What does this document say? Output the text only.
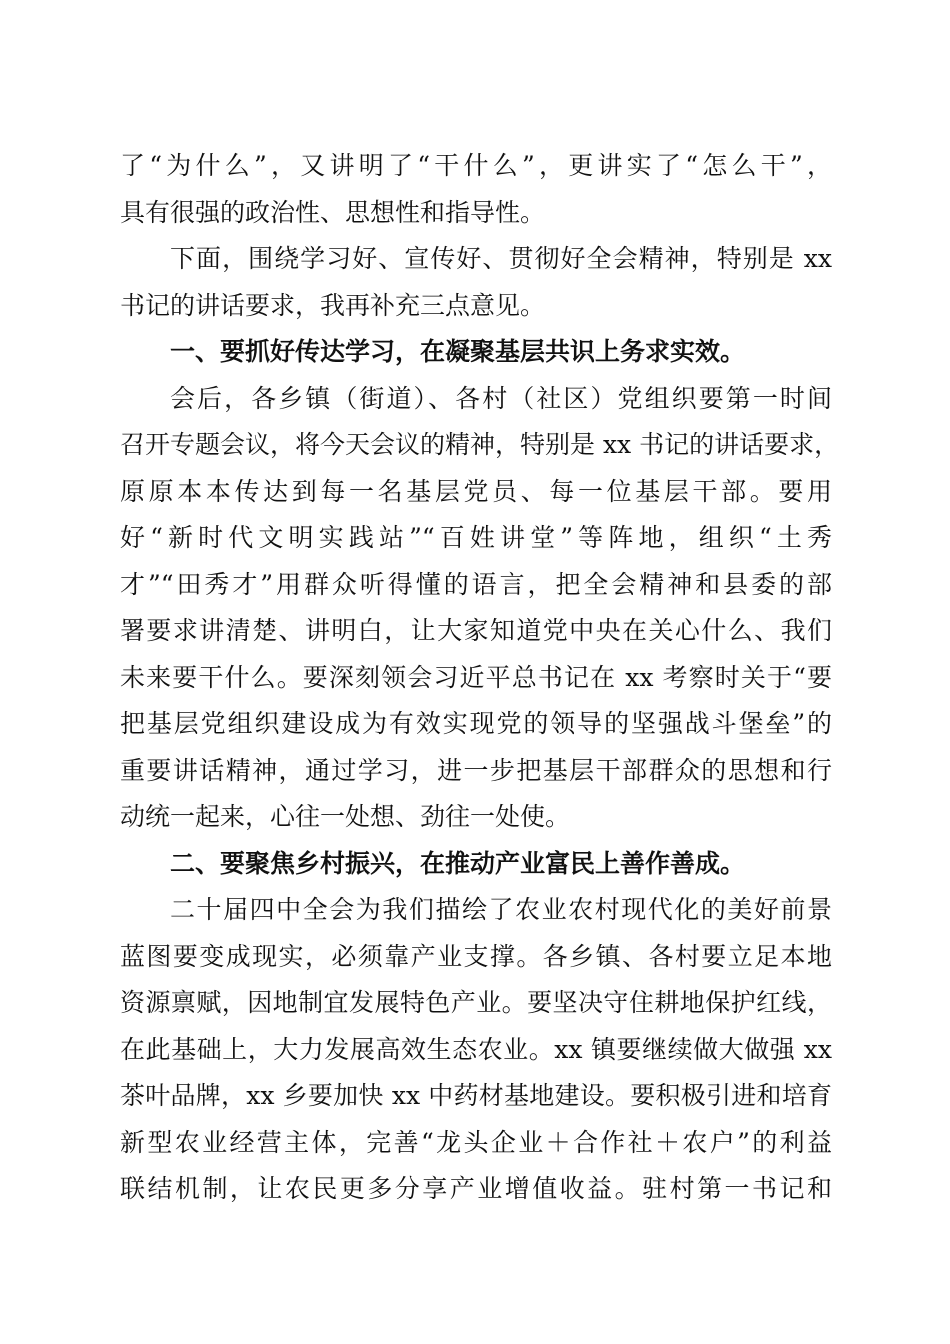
了“为什么”，又讲明了“干什么”，更讲实了“怎么干”，
具有很强的政治性、思想性和指导性。
下面，围绕学习好、宣传好、贯彻好全会精神，特别是 xx
书记的讲话要求，我再补充三点意见。
一、要抓好传达学习，在凝聚基层共识上务求实效。
会后，各乡镇（街道）、各村（社区）党组织要第一时间
召开专题会议，将今天会议的精神，特别是 xx 书记的讲话要求，
原原本本传达到每一名基层党员、每一位基层干部。要用
好“新时代文明实践站”“百姓讲堂”等阵地，组织“土秀
才”“田秀才”用群众听得懂的语言，把全会精神和县委的部
署要求讲清楚、讲明白，让大家知道党中央在关心什么、我们
未来要干什么。要深刻领会习近平总书记在 xx 考察时关于“要
把基层党组织建设成为有效实现党的领导的坚强战斗堡垒”的
重要讲话精神，通过学习，进一步把基层干部群众的思想和行
动统一起来，心往一处想、劲往一处使。
二、要聚焦乡村振兴，在推动产业富民上善作善成。
二十届四中全会为我们描绘了农业农村现代化的美好前景
蓝图要变成现实，必须靠产业支撑。各乡镇、各村要立足本地
资源禀赋，因地制宜发展特色产业。要坚决守住耕地保护红线，
在此基础上，大力发展高效生态农业。xx 镇要继续做大做强 xx
茶叶品牌，xx 乡要加快 xx 中药材基地建设。要积极引进和培育
新型农业经营主体，完善“龙头企业＋合作社＋农户”的利益
联结机制，让农民更多分享产业增值收益。驻村第一书记和
